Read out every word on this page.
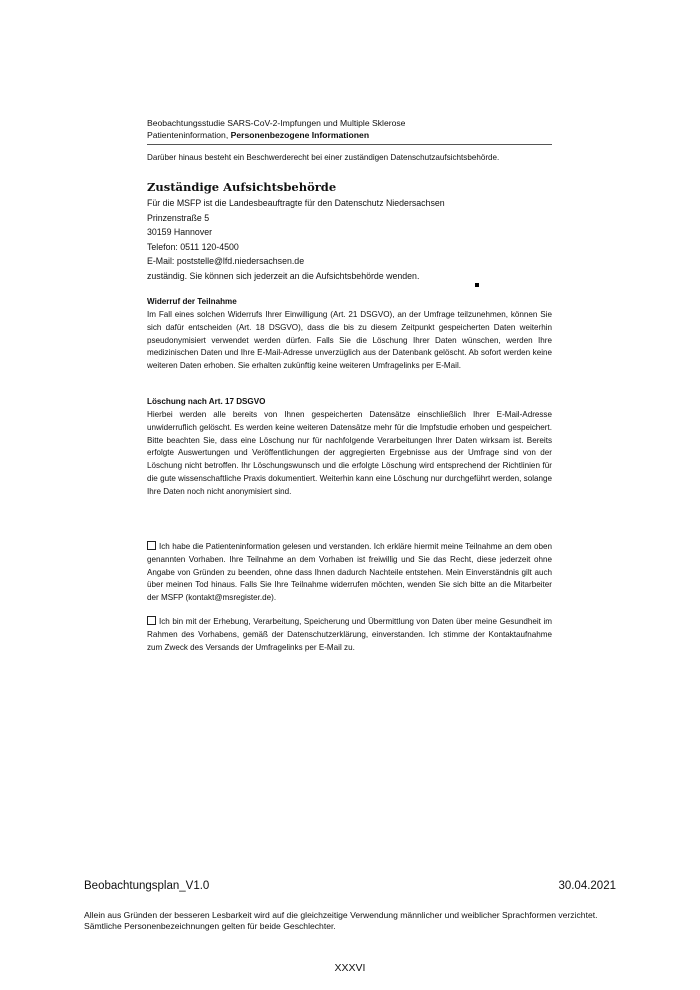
Beobachtungsstudie SARS-CoV-2-Impfungen und Multiple Sklerose
Patienteninformation, Personenbezogene Informationen
Darüber hinaus besteht ein Beschwerderecht bei einer zuständigen Datenschutzaufsichtsbehörde.
Zuständige Aufsichtsbehörde
Für die MSFP ist die Landesbeauftragte für den Datenschutz Niedersachsen
Prinzenstraße 5
30159 Hannover
Telefon: 0511 120-4500
E-Mail: poststelle@lfd.niedersachsen.de
zuständig. Sie können sich jederzeit an die Aufsichtsbehörde wenden.
Widerruf der Teilnahme
Im Fall eines solchen Widerrufs Ihrer Einwilligung (Art. 21 DSGVO), an der Umfrage teilzunehmen, können Sie sich dafür entscheiden (Art. 18 DSGVO), dass die bis zu diesem Zeitpunkt gespeicherten Daten weiterhin pseudonymisiert verwendet werden dürfen. Falls Sie die Löschung Ihrer Daten wünschen, werden Ihre medizinischen Daten und Ihre E-Mail-Adresse unverzüglich aus der Datenbank gelöscht. Ab sofort werden keine weiteren Daten erhoben. Sie erhalten zukünftig keine weiteren Umfragelinks per E-Mail.
Löschung nach Art. 17 DSGVO
Hierbei werden alle bereits von Ihnen gespeicherten Datensätze einschließlich Ihrer E-Mail-Adresse unwiderruflich gelöscht. Es werden keine weiteren Datensätze mehr für die Impfstudie erhoben und gespeichert. Bitte beachten Sie, dass eine Löschung nur für nachfolgende Verarbeitungen Ihrer Daten wirksam ist. Bereits erfolgte Auswertungen und Veröffentlichungen der aggregierten Ergebnisse aus der Umfrage sind von der Löschung nicht betroffen. Ihr Löschungswunsch und die erfolgte Löschung wird entsprechend der Richtlinien für die gute wissenschaftliche Praxis dokumentiert. Weiterhin kann eine Löschung nur durchgeführt werden, solange Ihre Daten noch nicht anonymisiert sind.
Ich habe die Patienteninformation gelesen und verstanden. Ich erkläre hiermit meine Teilnahme an dem oben genannten Vorhaben. Ihre Teilnahme an dem Vorhaben ist freiwillig und Sie das Recht, diese jederzeit ohne Angabe von Gründen zu beenden, ohne dass Ihnen dadurch Nachteile entstehen. Mein Einverständnis gilt auch über meinen Tod hinaus. Falls Sie Ihre Teilnahme widerrufen möchten, wenden Sie sich bitte an die Mitarbeiter der MSFP (kontakt@msregister.de).
Ich bin mit der Erhebung, Verarbeitung, Speicherung und Übermittlung von Daten über meine Gesundheit im Rahmen des Vorhabens, gemäß der Datenschutzerklärung, einverstanden. Ich stimme der Kontaktaufnahme zum Zweck des Versands der Umfragelinks per E-Mail zu.
Beobachtungsplan_V1.0	30.04.2021
Allein aus Gründen der besseren Lesbarkeit wird auf die gleichzeitige Verwendung männlicher und weiblicher Sprachformen verzichtet. Sämtliche Personenbezeichnungen gelten für beide Geschlechter.
XXXVI
